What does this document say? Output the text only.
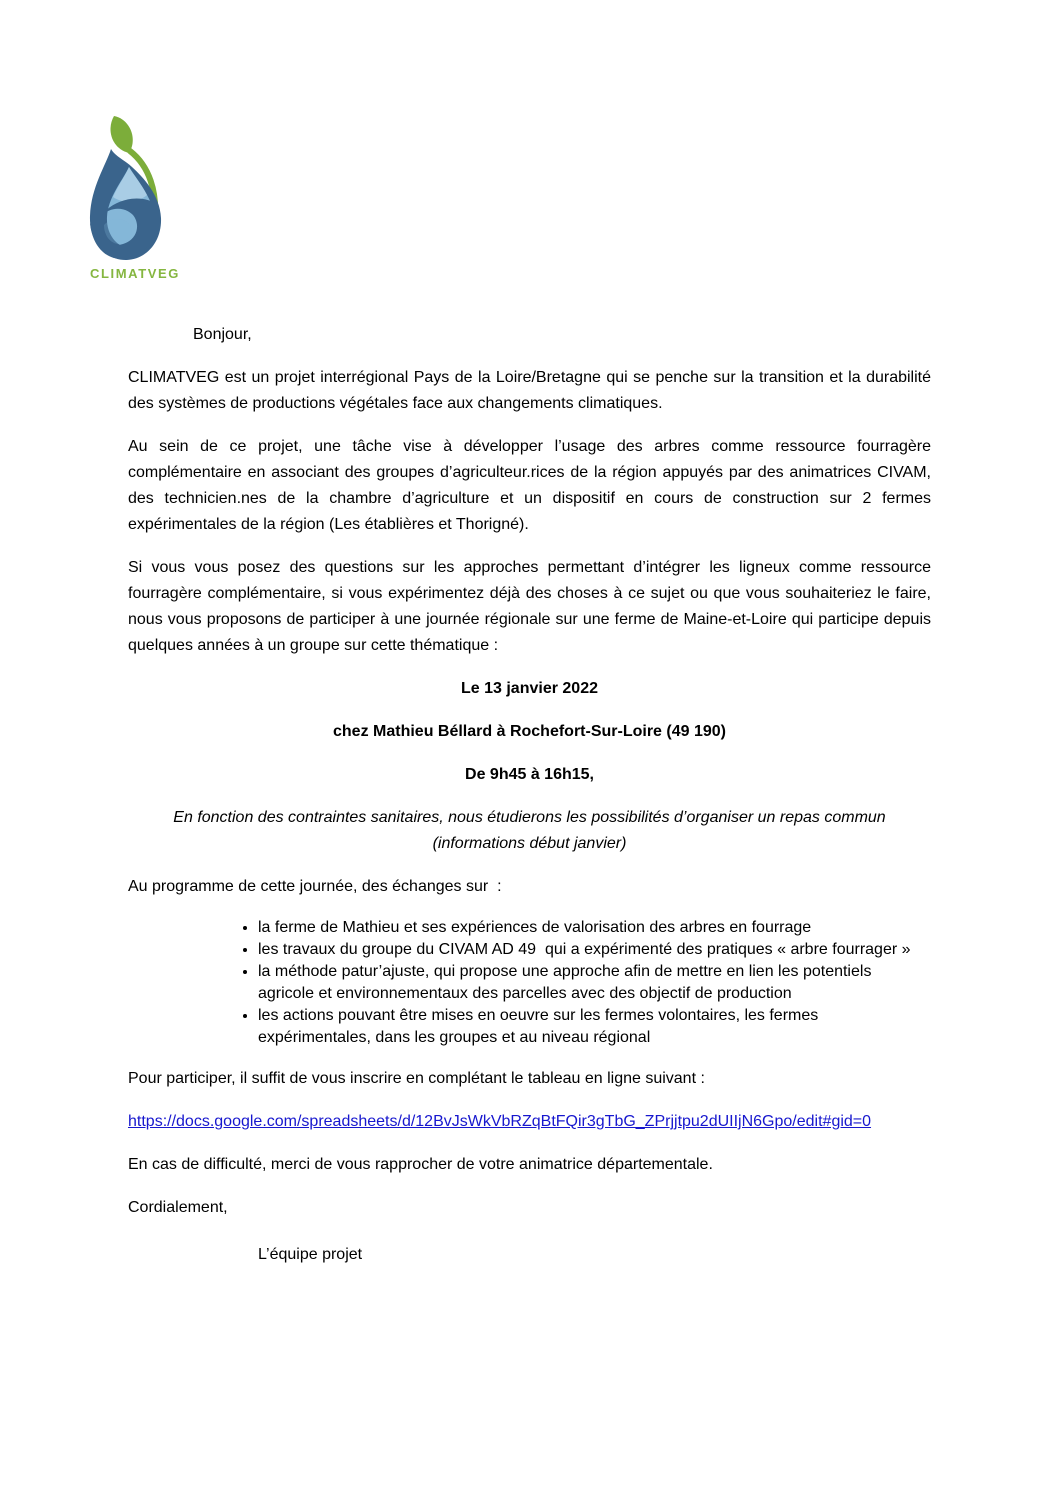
CLIMATVEG

Bonjour,

CLIMATVEG est un projet interrégional Pays de la Loire/Bretagne qui se penche sur la transition et la durabilité des systèmes de productions végétales face aux changements climatiques.

Au sein de ce projet, une tâche vise à développer l’usage des arbres comme ressource fourragère complémentaire en associant des groupes d’agriculteur.rices de la région appuyés par des animatrices CIVAM, des technicien.nes de la chambre d’agriculture et un dispositif en cours de construction sur 2 fermes expérimentales de la région (Les établières et Thorigné).

Si vous vous posez des questions sur les approches permettant d’intégrer les ligneux comme ressource fourragère complémentaire, si vous expérimentez déjà des choses à ce sujet ou que vous souhaiteriez le faire, nous vous proposons de participer à une journée régionale sur une ferme de Maine-et-Loire qui participe depuis quelques années à un groupe sur cette thématique :

Le 13 janvier 2022

chez Mathieu Béllard à Rochefort-Sur-Loire (49 190)

De 9h45 à 16h15,

En fonction des contraintes sanitaires, nous étudierons les possibilités d’organiser un repas commun
(informations début janvier)

Au programme de cette journée, des échanges sur  :

• la ferme de Mathieu et ses expériences de valorisation des arbres en fourrage
• les travaux du groupe du CIVAM AD 49  qui a expérimenté des pratiques « arbre fourrager »
• la méthode patur’ajuste, qui propose une approche afin de mettre en lien les potentiels agricole et environnementaux des parcelles avec des objectif de production
• les actions pouvant être mises en oeuvre sur les fermes volontaires, les fermes expérimentales, dans les groupes et au niveau régional

Pour participer, il suffit de vous inscrire en complétant le tableau en ligne suivant :

https://docs.google.com/spreadsheets/d/12BvJsWkVbRZqBtFQir3gTbG_ZPrjjtpu2dUIIjN6Gpo/edit#gid=0

En cas de difficulté, merci de vous rapprocher de votre animatrice départementale.

Cordialement,

L’équipe projet
